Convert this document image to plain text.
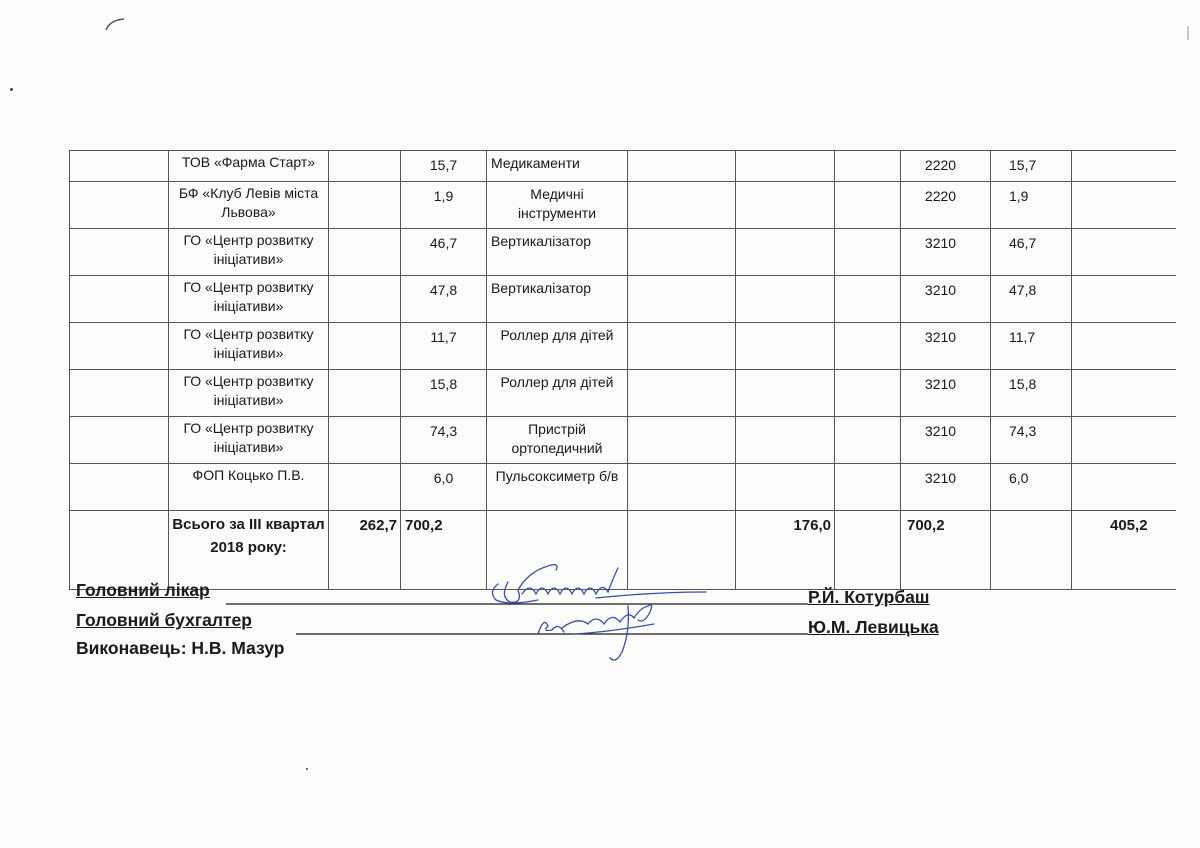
	ТОВ «Фарма Старт»		15,7	Медикаменти				2220	15,7	
	БФ «Клуб Левів міста Львова»		1,9	Медичні інструменти				2220	1,9	
	ГО «Центр розвитку ініціативи»		46,7	Вертикалізатор				3210	46,7	
	ГО «Центр розвитку ініціативи»		47,8	Вертикалізатор				3210	47,8	
	ГО «Центр розвитку ініціативи»		11,7	Роллер для дітей				3210	11,7	
	ГО «Центр розвитку ініціативи»		15,8	Роллер для дітей				3210	15,8	
	ГО «Центр розвитку ініціативи»		74,3	Пристрій ортопедичний				3210	74,3	
	ФОП Коцько П.В.		6,0	Пульсоксиметр б/в				3210	6,0	
	Всього за III квартал 2018 року:	262,7	700,2			176,0		700,2		405,2
Головний лікар
Головний бухгалтер
Виконавець: Н.В. Мазур
Р.Й. Котурбаш
Ю.М. Левицька
